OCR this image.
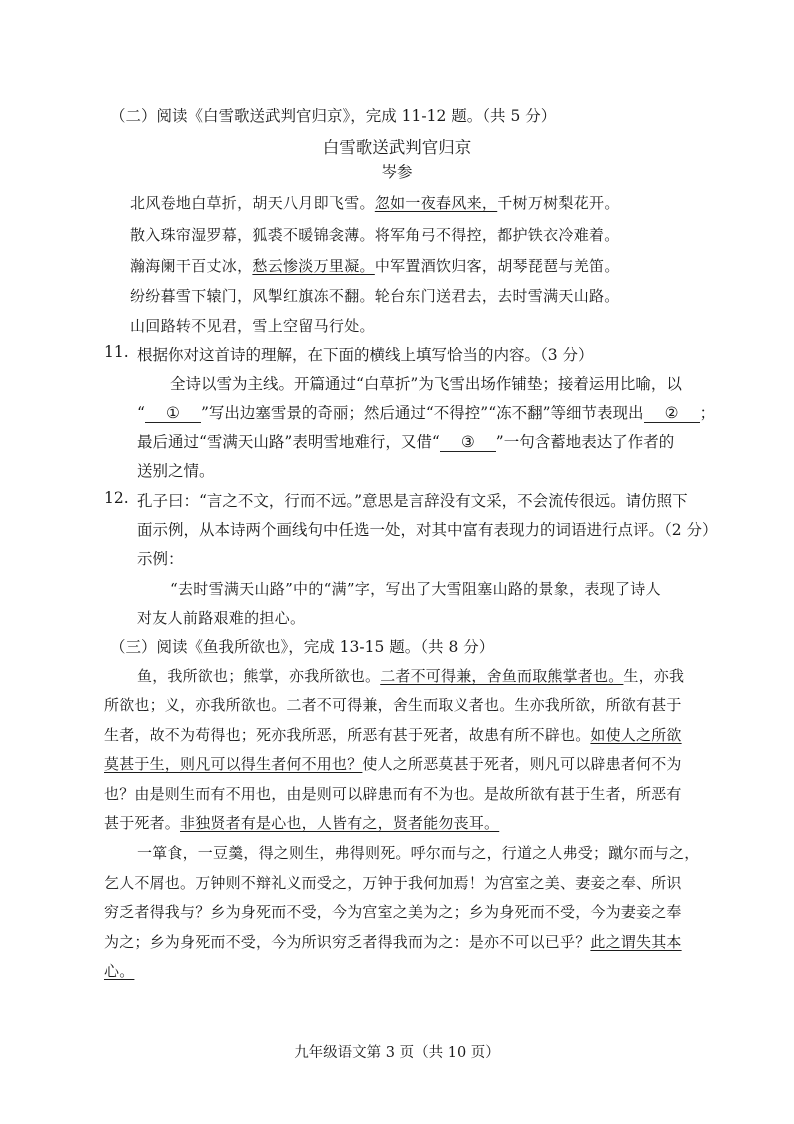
（二）阅读《白雪歌送武判官归京》，完成 11-12 题。（共 5 分）
白雪歌送武判官归京
岑参
北风卷地白草折，胡天八月即飞雪。忽如一夜春风来，千树万树梨花开。
散入珠帘湿罗幕，狐裘不暖锦衾薄。将军角弓不得控，都护铁衣冷难着。
瀚海阑干百丈冰，愁云惨淡万里凝。中军置酒饮归客，胡琴琵琶与羌笛。
纷纷暮雪下辕门，风掣红旗冻不翻。轮台东门送君去，去时雪满天山路。
山回路转不见君，雪上空留马行处。
11. 根据你对这首诗的理解，在下面的横线上填写恰当的内容。（3 分）
全诗以雪为主线。开篇通过“白草折”为飞雪出场作铺垫；接着运用比喻，以
“ ① ”写出边塞雪景的奇丽；然后通过“不得控”“冻不翻”等细节表现出 ② ；
最后通过“雪满天山路”表明雪地难行，又借“ ③ ”一句含蓄地表达了作者的
送别之情。
12. 孔子曰：“言之不文，行而不远。”意思是言辞没有文采，不会流传很远。请仿照下
面示例，从本诗两个画线句中任选一处，对其中富有表现力的词语进行点评。（2 分）
示例：
“去时雪满天山路”中的“满”字，写出了大雪阻塞山路的景象，表现了诗人
对友人前路艰难的担心。
（三）阅读《鱼我所欲也》，完成 13-15 题。（共 8 分）
鱼，我所欲也；熊掌，亦我所欲也。二者不可得兼，舍鱼而取熊掌者也。生，亦我
所欲也；义，亦我所欲也。二者不可得兼，舍生而取义者也。生亦我所欲，所欲有甚于
生者，故不为苟得也；死亦我所恶，所恶有甚于死者，故患有所不辟也。如使人之所欲
莫甚于生，则凡可以得生者何不用也？使人之所恶莫甚于死者，则凡可以辟患者何不为
也？由是则生而有不用也，由是则可以辟患而有不为也。是故所欲有甚于生者，所恶有
甚于死者。非独贤者有是心也，人皆有之，贤者能勿丧耳。
一箪食，一豆羹，得之则生，弗得则死。呼尔而与之，行道之人弗受；蹴尔而与之，
乞人不屑也。万钟则不辩礼义而受之，万钟于我何加焉！为宫室之美、妻妾之奉、所识
穷乏者得我与？乡为身死而不受，今为宫室之美为之；乡为身死而不受，今为妻妾之奉
为之；乡为身死而不受，今为所识穷乏者得我而为之：是亦不可以已乎？此之谓失其本
心。
九年级语文第 3 页（共 10 页）
